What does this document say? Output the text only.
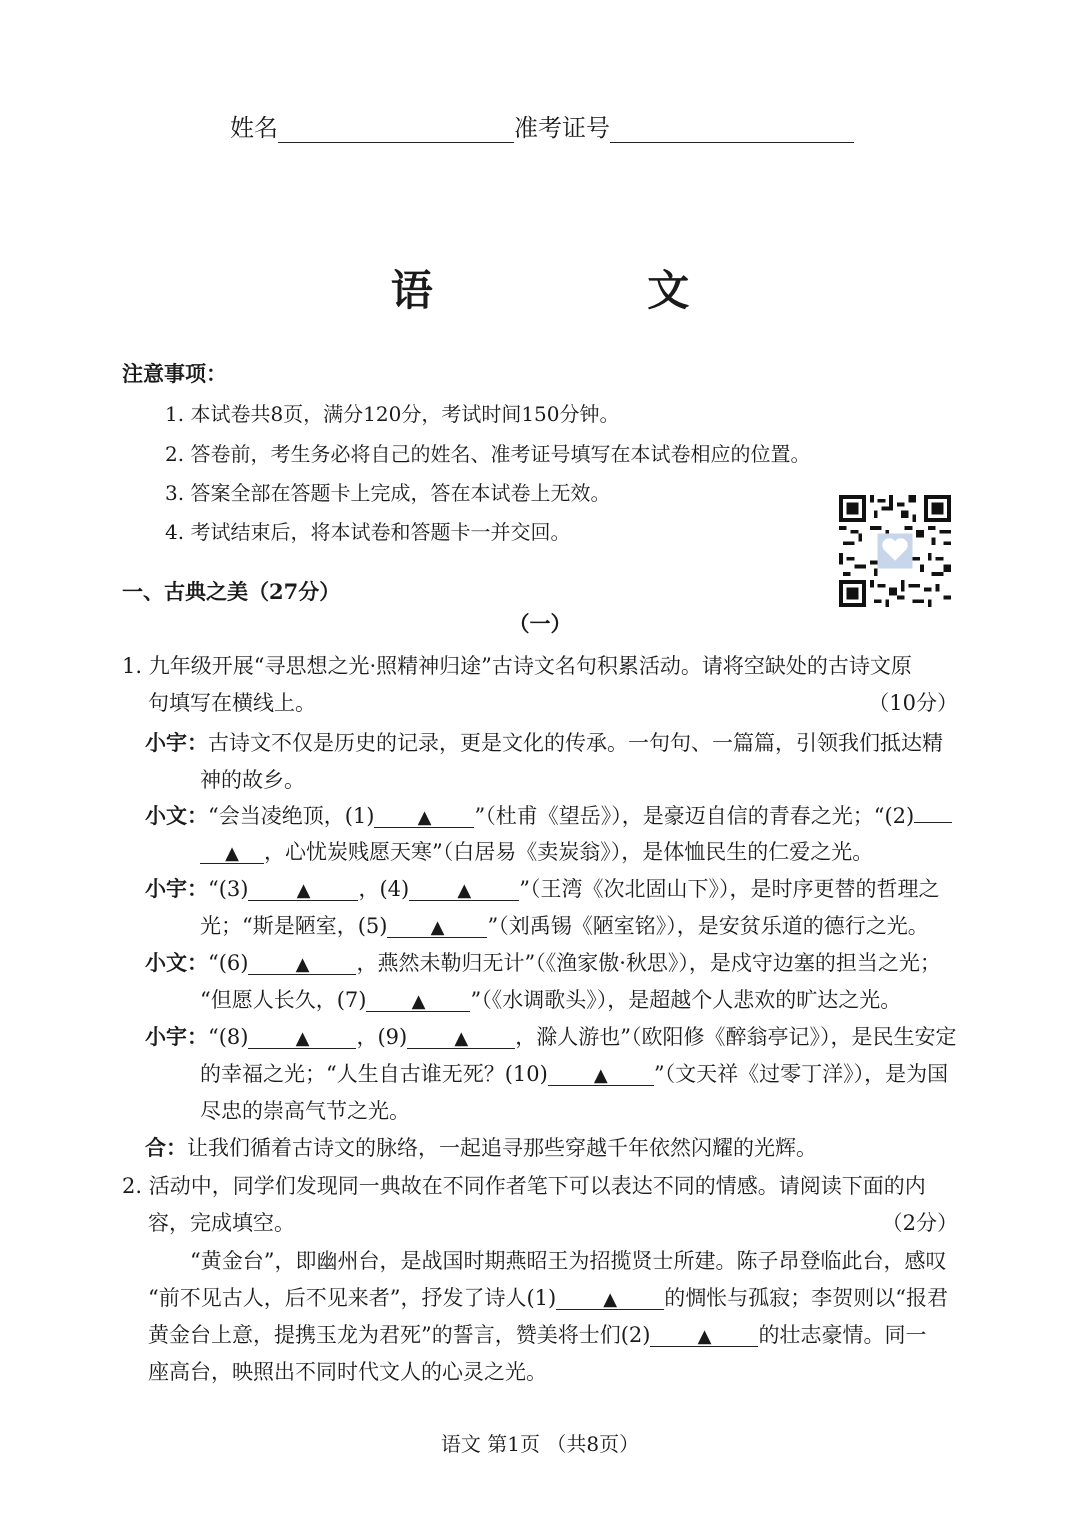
姓名	准考证号
语 文
注意事项：
1. 本试卷共8页，满分120分，考试时间150分钟。
2. 答卷前，考生务必将自己的姓名、准考证号填写在本试卷相应的位置。
3. 答案全部在答题卡上完成，答在本试卷上无效。
4. 考试结束后，将本试卷和答题卡一并交回。
一、古典之美（27分）
（一）
1. 九年级开展“寻思想之光·照精神归途”古诗文名句积累活动。请将空缺处的古诗文原
句填写在横线上。	（10分）
小宇：古诗文不仅是历史的记录，更是文化的传承。一句句、一篇篇，引领我们抵达精
神的故乡。
小文：“会当凌绝顶，(1) ▲ ”（杜甫《望岳》），是豪迈自信的青春之光；“(2)
▲ ，心忧炭贱愿天寒”（白居易《卖炭翁》），是体恤民生的仁爱之光。
小宇：“(3)	▲ ，(4)	▲ ”（王湾《次北固山下》），是时序更替的哲理之
光；“斯是陋室，(5) ▲ ”（刘禹锡《陋室铭》），是安贫乐道的德行之光。
小文：“(6)	▲ ，燕然未勒归无计”（《渔家傲·秋思》），是戍守边塞的担当之光；
“但愿人长久，(7)	▲ ”（《水调歌头》），是超越个人悲欢的旷达之光。
小宇：“(8)	▲ ，(9)	▲ ，滁人游也”（欧阳修《醉翁亭记》），是民生安定
的幸福之光；“人生自古谁无死？(10)	▲ ”（文天祥《过零丁洋》），是为国
尽忠的崇高气节之光。
合：让我们循着古诗文的脉络，一起追寻那些穿越千年依然闪耀的光辉。
2. 活动中，同学们发现同一典故在不同作者笔下可以表达不同的情感。请阅读下面的内
容，完成填空。	（2分）
“黄金台”，即幽州台，是战国时期燕昭王为招揽贤士所建。陈子昂登临此台，感叹
“前不见古人，后不见来者”，抒发了诗人(1)	▲ 的惆怅与孤寂；李贺则以“报君
黄金台上意，提携玉龙为君死”的誓言，赞美将士们(2)	▲ 的壮志豪情。同一
座高台，映照出不同时代文人的心灵之光。
语文 第1页 （共8页）
